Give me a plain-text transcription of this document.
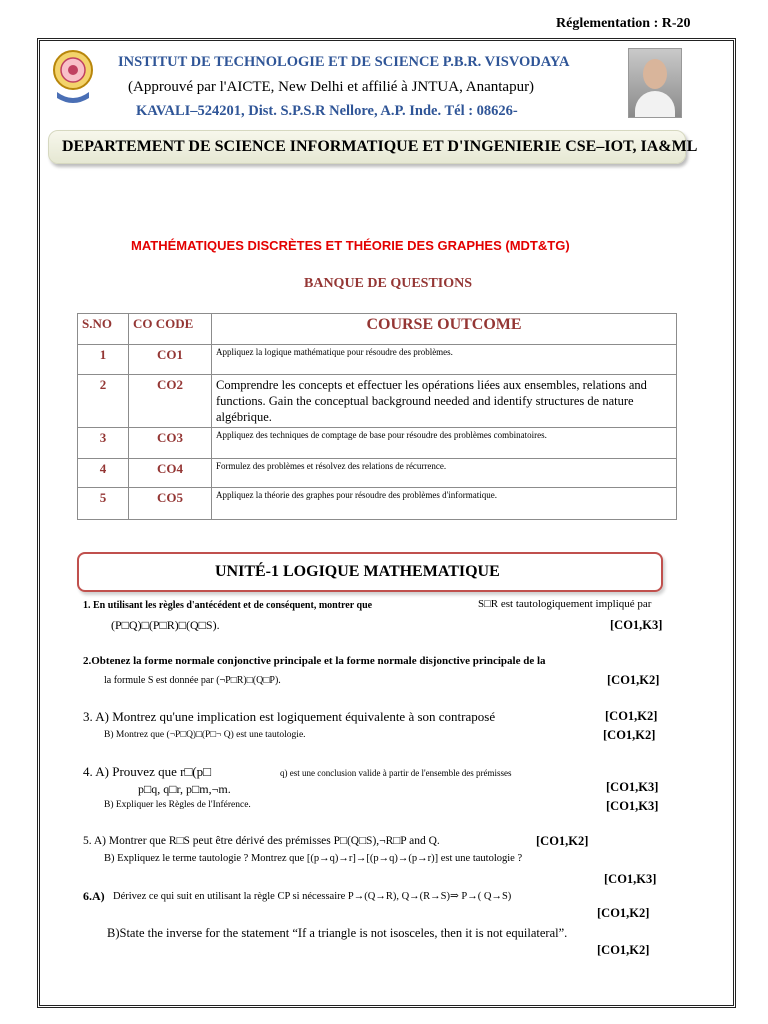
Réglementation : R-20
INSTITUT DE TECHNOLOGIE ET DE SCIENCE P.B.R. VISVODAYA
(Approuvé par l'AICTE, New Delhi et affilié à JNTUA, Anantapur)
KAVALI–524201, Dist. S.P.S.R Nellore, A.P. Inde. Tél : 08626-
DEPARTEMENT DE SCIENCE INFORMATIQUE ET D'INGENIERIE CSE–IOT, IA&ML
MATHÉMATIQUES DISCRÈTES ET THÉORIE DES GRAPHES (MDT&TG)
BANQUE DE QUESTIONS
S.NO	CO CODE	COURSE OUTCOME
1	CO1	Appliquez la logique mathématique pour résoudre des problèmes.
2	CO2	Comprendre les concepts et effectuer les opérations liées aux ensembles, relations and functions. Gain the conceptual background needed and identify structures de nature algébrique.
3	CO3	Appliquez des techniques de comptage de base pour résoudre des problèmes combinatoires.
4	CO4	Formulez des problèmes et résolvez des relations de récurrence.
5	CO5	Appliquez la théorie des graphes pour résoudre des problèmes d'informatique.
UNITÉ-1 LOGIQUE MATHEMATIQUE
1. En utilisant les règles d'antécédent et de conséquent, montrer que	S□R est tautologiquement impliqué par
(P□Q)□(P□R)□(Q□S).	[CO1,K3]
2.Obtenez la forme normale conjonctive principale et la forme normale disjonctive principale de la
la formule S est donnée par (¬P□R)□(Q□P).	[CO1,K2]
3. A) Montrez qu'une implication est logiquement équivalente à son contraposé	[CO1,K2]
B) Montrez que (¬P□Q)□(P□¬ Q) est une tautologie.	[CO1,K2]
4. A) Prouvez que r□(p□	q) est une conclusion valide à partir de l'ensemble des prémisses
p□q, q□r, p□m,¬m.	[CO1,K3]
B) Expliquer les Règles de l'Inférence.	[CO1,K3]
5. A) Montrer que R□S peut être dérivé des prémisses P□(Q□S),¬R□P and Q.	[CO1,K2]
B) Expliquez le terme tautologie ? Montrez que [(p→q)→r]→[(p→q)→(p→r)] est une tautologie ?
[CO1,K3]
6.A) Dérivez ce qui suit en utilisant la règle CP si nécessaire P→(Q→R), Q→(R→S)⇒ P→( Q→S)
[CO1,K2]
B)State the inverse for the statement “If a triangle is not isosceles, then it is not equilateral”.
[CO1,K2]
